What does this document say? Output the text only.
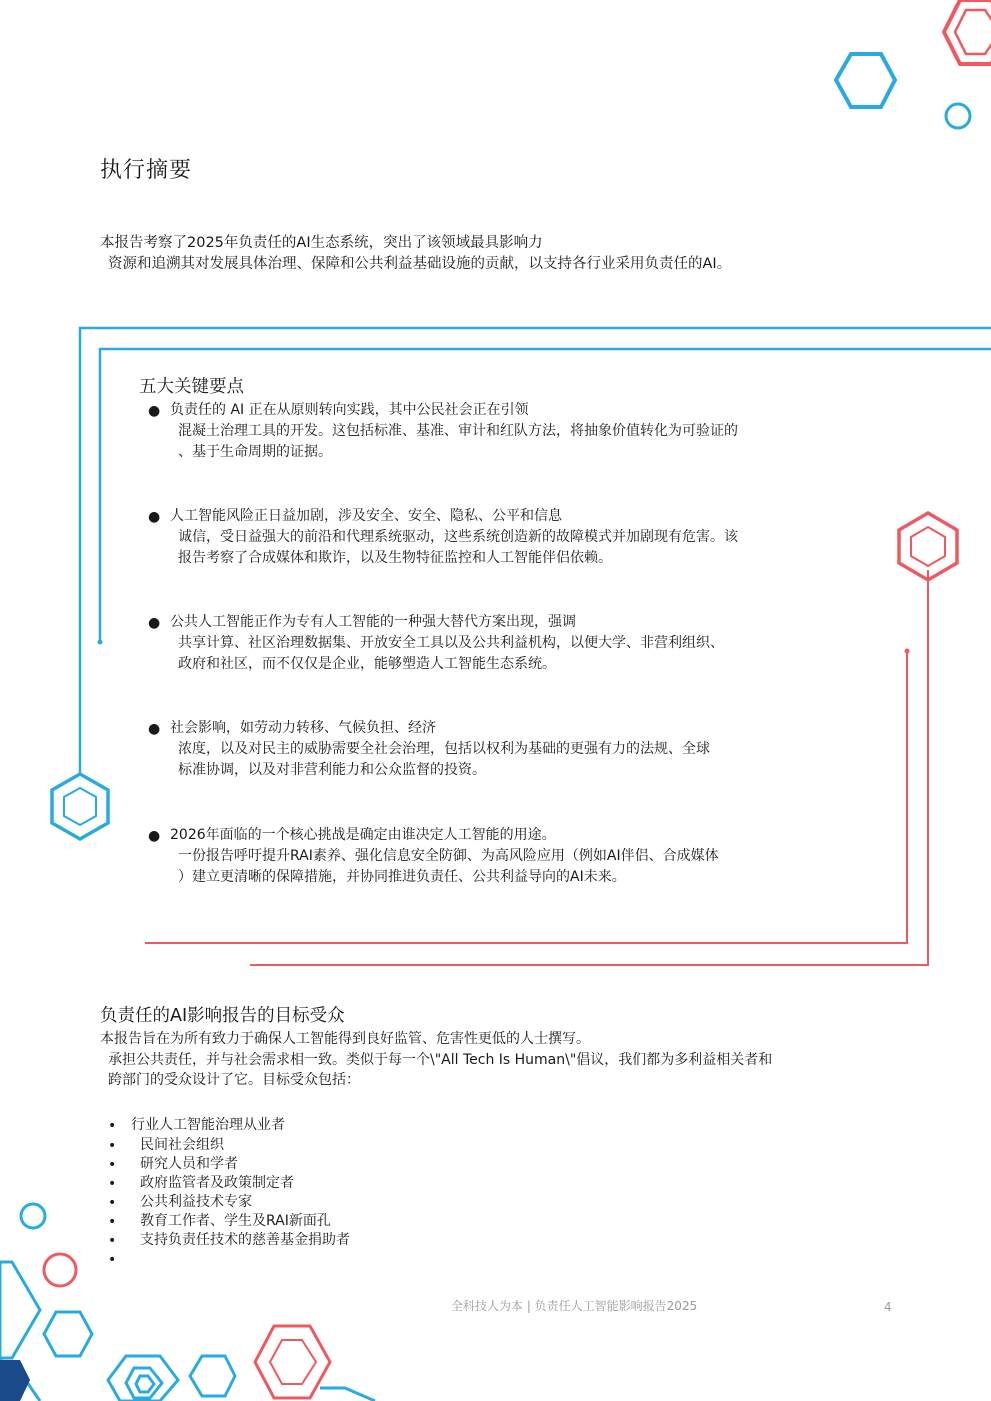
执行摘要
本报告考察了2025年负责任的AI生态系统，突出了该领域最具影响力
资源和追溯其对发展具体治理、保障和公共利益基础设施的贡献，以支持各行业采用负责任的AI。
五大关键要点
● 负责任的 AI 正在从原则转向实践，其中公民社会正在引领
混凝土治理工具的开发。这包括标准、基准、审计和红队方法，将抽象价值转化为可验证的
、基于生命周期的证据。
● 人工智能风险正日益加剧，涉及安全、安全、隐私、公平和信息
诚信，受日益强大的前沿和代理系统驱动，这些系统创造新的故障模式并加剧现有危害。该
报告考察了合成媒体和欺诈，以及生物特征监控和人工智能伴侣依赖。
● 公共人工智能正作为专有人工智能的一种强大替代方案出现，强调
共享计算、社区治理数据集、开放安全工具以及公共利益机构，以便大学、非营利组织、
政府和社区，而不仅仅是企业，能够塑造人工智能生态系统。
● 社会影响，如劳动力转移、气候负担、经济
浓度，以及对民主的威胁需要全社会治理，包括以权利为基础的更强有力的法规、全球
标准协调，以及对非营利能力和公众监督的投资。
● 2026年面临的一个核心挑战是确定由谁决定人工智能的用途。
一份报告呼吁提升RAI素养、强化信息安全防御、为高风险应用（例如AI伴侣、合成媒体
）建立更清晰的保障措施，并协同推进负责任、公共利益导向的AI未来。
负责任的AI影响报告的目标受众
本报告旨在为所有致力于确保人工智能得到良好监管、危害性更低的人士撰写。
承担公共责任，并与社会需求相一致。类似于每一个\"All Tech Is Human\"倡议，我们都为多利益相关者和
跨部门的受众设计了它。目标受众包括：
行业人工智能治理从业者
民间社会组织
研究人员和学者
政府监管者及政策制定者
公共利益技术专家
教育工作者、学生及RAI新面孔
支持负责任技术的慈善基金捐助者
•
•
•
•
•
•
•
•
全科技人为本 | 负责任人工智能影响报告2025	4
